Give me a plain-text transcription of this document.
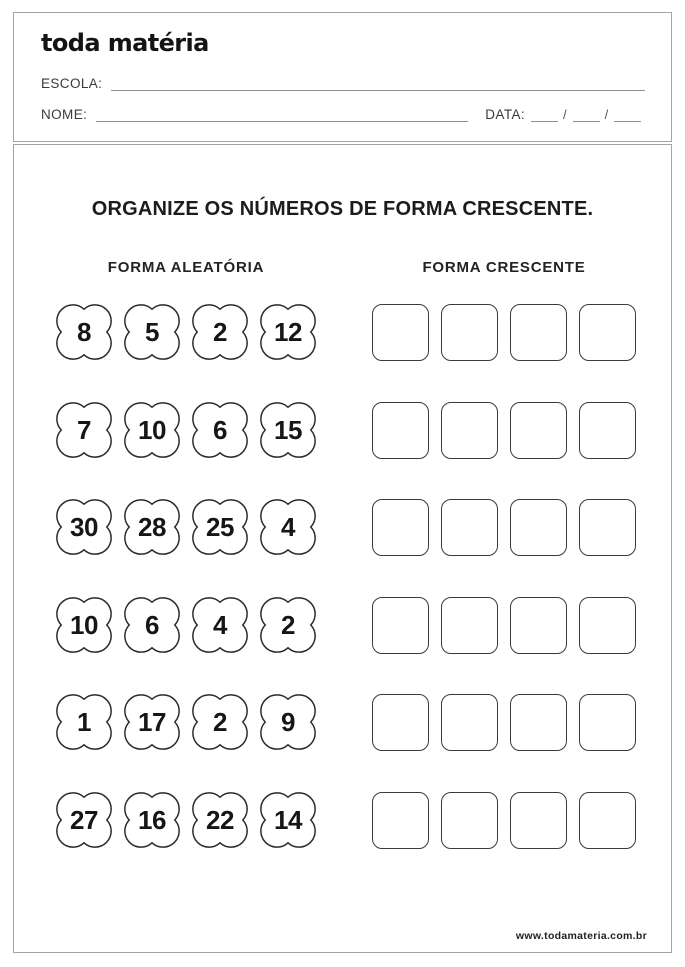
toda matéria
ESCOLA:
NOME:	DATA:	/	/
ORGANIZE OS NÚMEROS DE FORMA CRESCENTE.
FORMA ALEATÓRIA	FORMA CRESCENTE
8	5	2	12
7	10	6	15
30	28	25	4
10	6	4	2
1	17	2	9
27	16	22	14
www.todamateria.com.br
